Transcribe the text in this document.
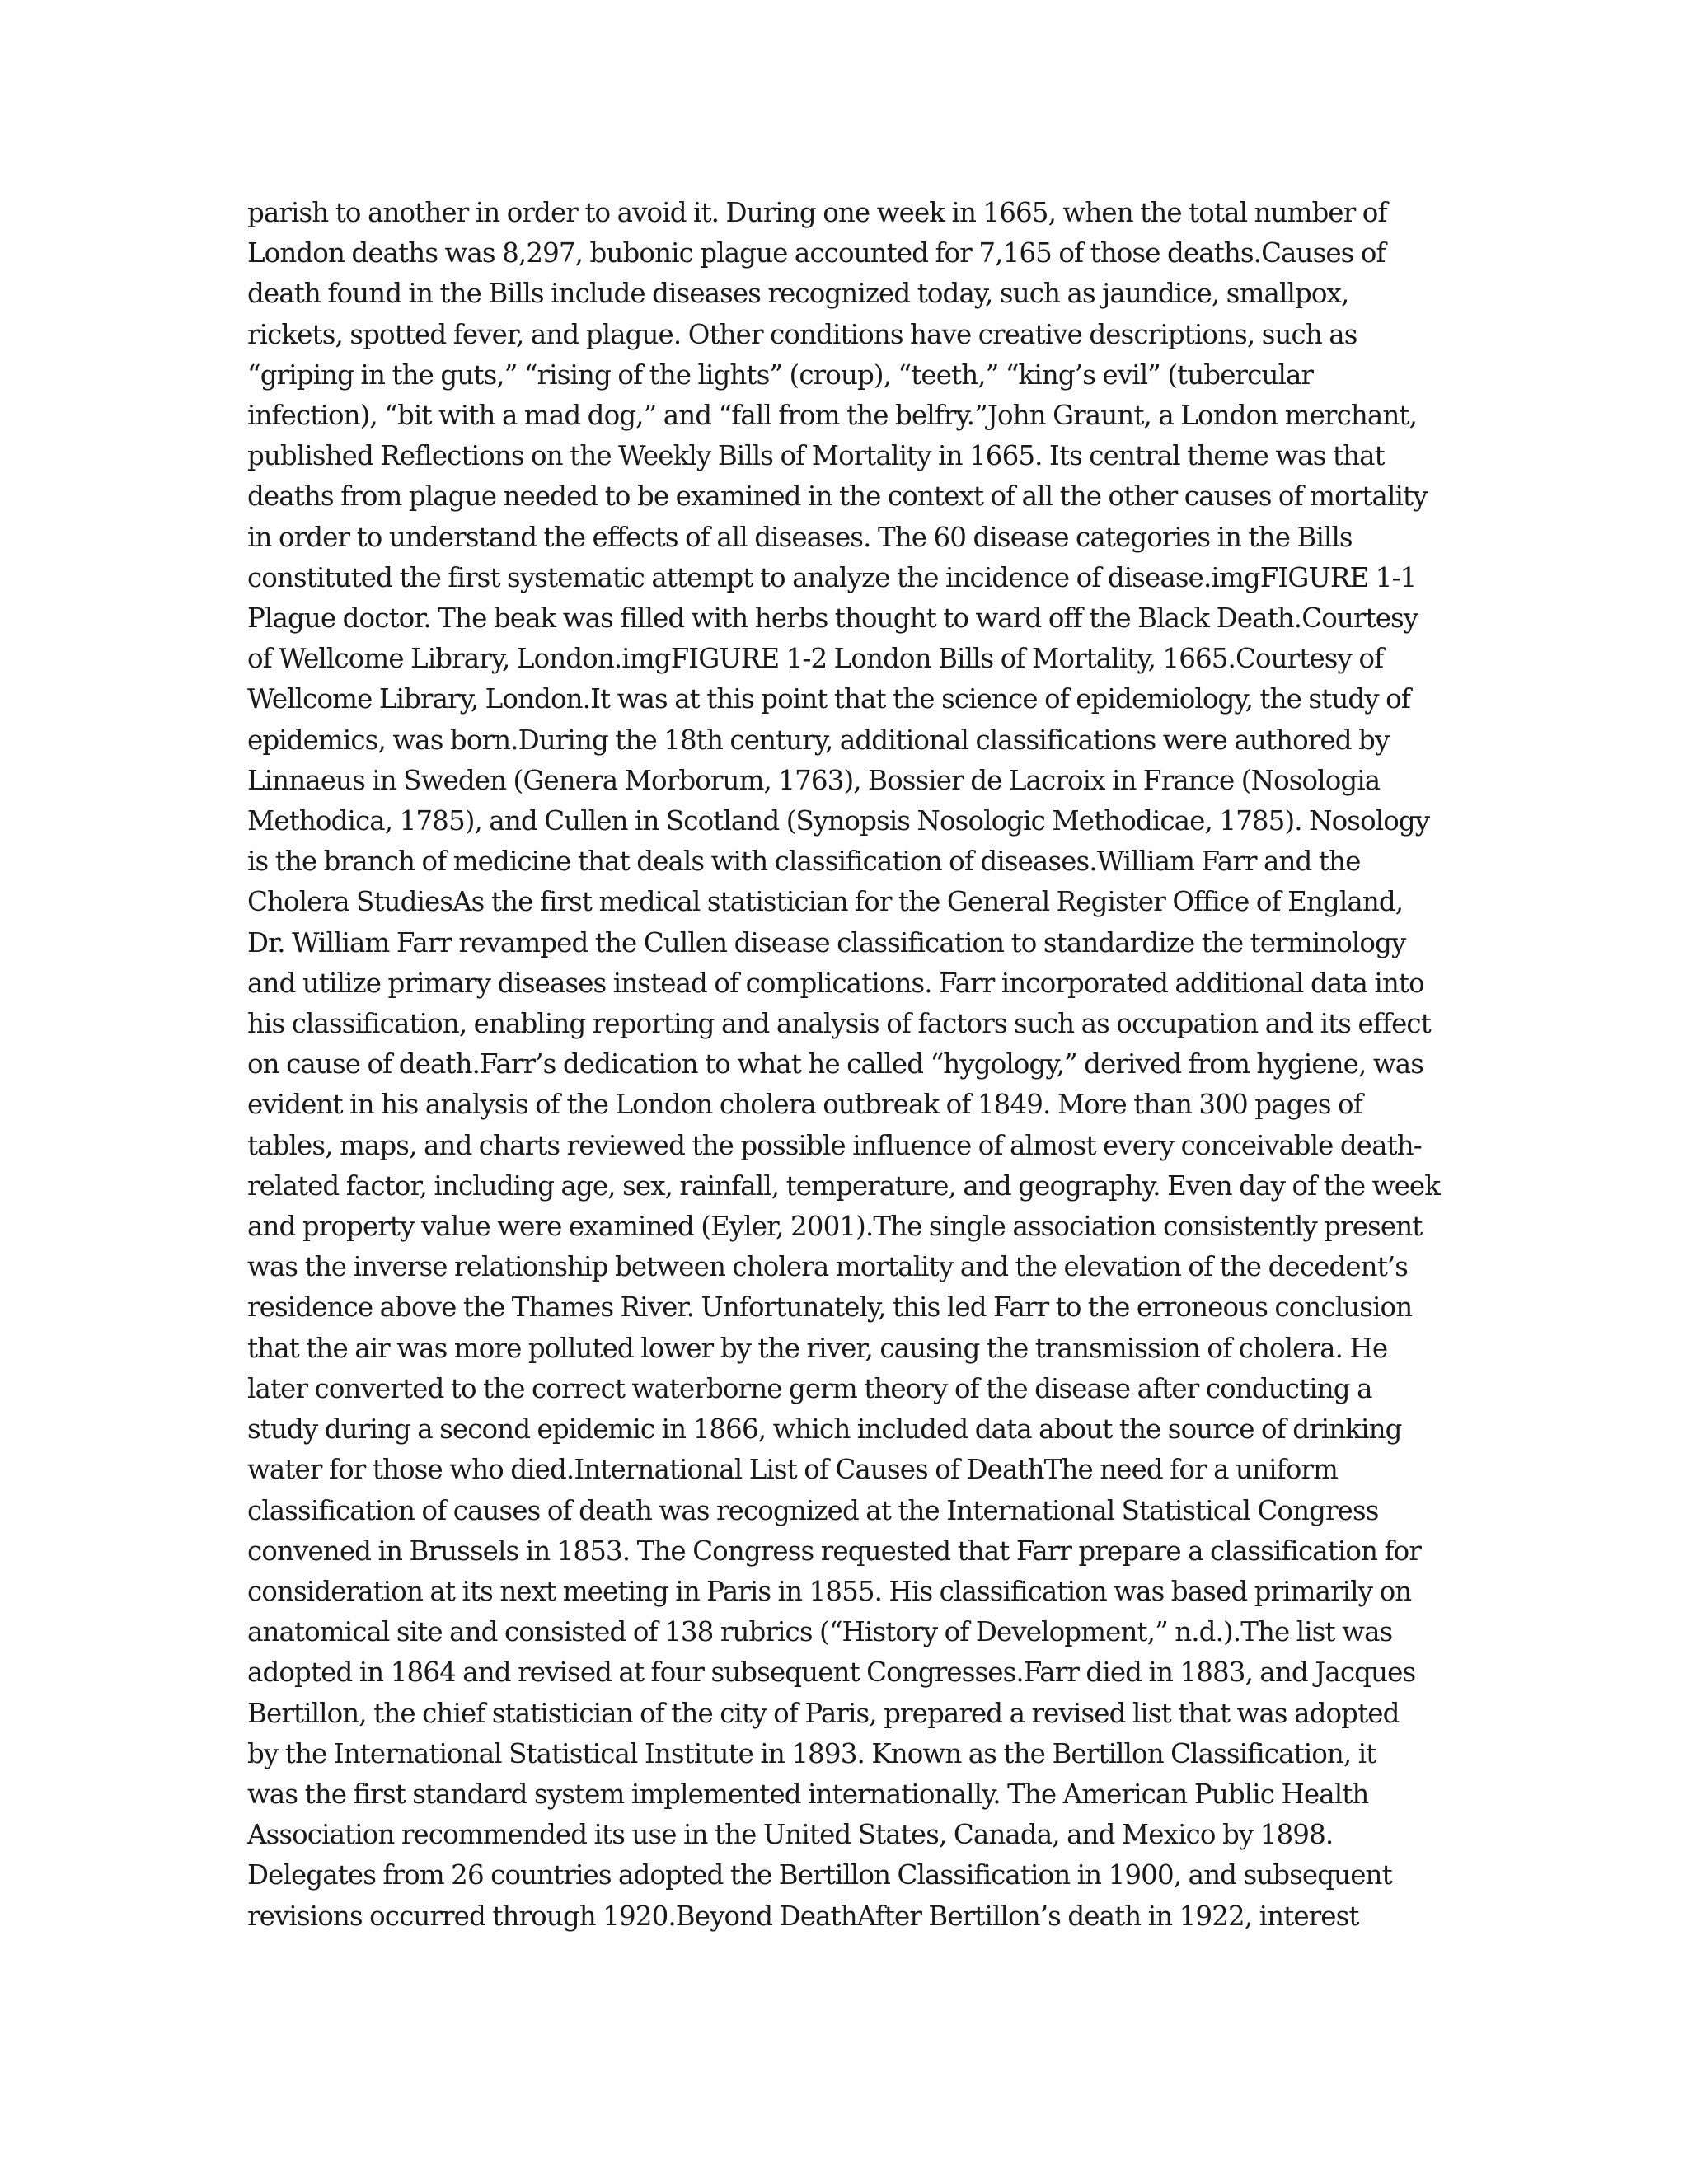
parish to another in order to avoid it. During one week in 1665, when the total number of
London deaths was 8,297, bubonic plague accounted for 7,165 of those deaths.Causes of
death found in the Bills include diseases recognized today, such as jaundice, smallpox,
rickets, spotted fever, and plague. Other conditions have creative descriptions, such as
“griping in the guts,” “rising of the lights” (croup), “teeth,” “king’s evil” (tubercular
infection), “bit with a mad dog,” and “fall from the belfry.”John Graunt, a London merchant,
published Reflections on the Weekly Bills of Mortality in 1665. Its central theme was that
deaths from plague needed to be examined in the context of all the other causes of mortality
in order to understand the effects of all diseases. The 60 disease categories in the Bills
constituted the first systematic attempt to analyze the incidence of disease.imgFIGURE 1-1
Plague doctor. The beak was filled with herbs thought to ward off the Black Death.Courtesy
of Wellcome Library, London.imgFIGURE 1-2 London Bills of Mortality, 1665.Courtesy of
Wellcome Library, London.It was at this point that the science of epidemiology, the study of
epidemics, was born.During the 18th century, additional classifications were authored by
Linnaeus in Sweden (Genera Morborum, 1763), Bossier de Lacroix in France (Nosologia
Methodica, 1785), and Cullen in Scotland (Synopsis Nosologic Methodicae, 1785). Nosology
is the branch of medicine that deals with classification of diseases.William Farr and the
Cholera StudiesAs the first medical statistician for the General Register Office of England,
Dr. William Farr revamped the Cullen disease classification to standardize the terminology
and utilize primary diseases instead of complications. Farr incorporated additional data into
his classification, enabling reporting and analysis of factors such as occupation and its effect
on cause of death.Farr’s dedication to what he called “hygology,” derived from hygiene, was
evident in his analysis of the London cholera outbreak of 1849. More than 300 pages of
tables, maps, and charts reviewed the possible influence of almost every conceivable death-
related factor, including age, sex, rainfall, temperature, and geography. Even day of the week
and property value were examined (Eyler, 2001).The single association consistently present
was the inverse relationship between cholera mortality and the elevation of the decedent’s
residence above the Thames River. Unfortunately, this led Farr to the erroneous conclusion
that the air was more polluted lower by the river, causing the transmission of cholera. He
later converted to the correct waterborne germ theory of the disease after conducting a
study during a second epidemic in 1866, which included data about the source of drinking
water for those who died.International List of Causes of DeathThe need for a uniform
classification of causes of death was recognized at the International Statistical Congress
convened in Brussels in 1853. The Congress requested that Farr prepare a classification for
consideration at its next meeting in Paris in 1855. His classification was based primarily on
anatomical site and consisted of 138 rubrics (“History of Development,” n.d.).The list was
adopted in 1864 and revised at four subsequent Congresses.Farr died in 1883, and Jacques
Bertillon, the chief statistician of the city of Paris, prepared a revised list that was adopted
by the International Statistical Institute in 1893. Known as the Bertillon Classification, it
was the first standard system implemented internationally. The American Public Health
Association recommended its use in the United States, Canada, and Mexico by 1898.
Delegates from 26 countries adopted the Bertillon Classification in 1900, and subsequent
revisions occurred through 1920.Beyond DeathAfter Bertillon’s death in 1922, interest
